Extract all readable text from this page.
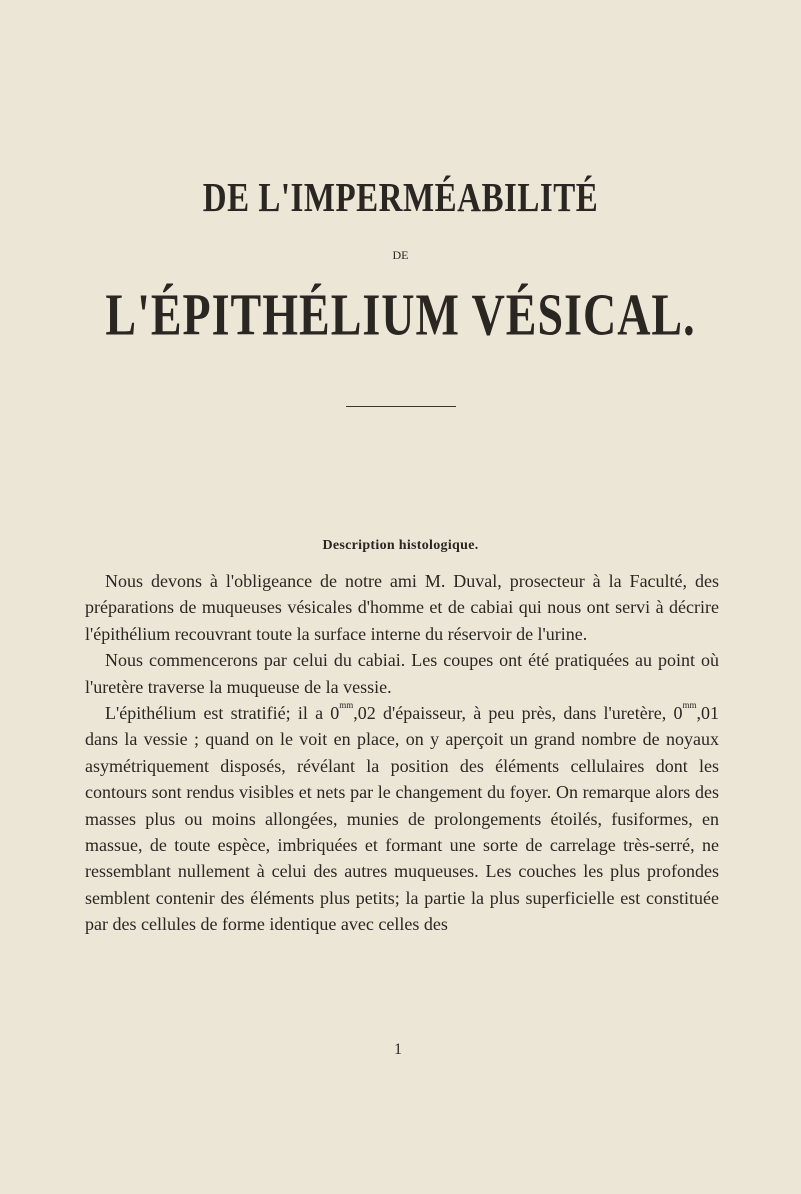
DE L'IMPERMÉABILITÉ
DE
L'ÉPITHÉLIUM VÉSICAL.
Description histologique.

Nous devons à l'obligeance de notre ami M. Duval, prosecteur à la Faculté, des préparations de muqueuses vésicales d'homme et de cabiai qui nous ont servi à décrire l'épithélium recouvrant toute la surface interne du réservoir de l'urine.

Nous commencerons par celui du cabiai. Les coupes ont été pratiquées au point où l'uretère traverse la muqueuse de la vessie.

L'épithélium est stratifié; il a $0^{mm},02$ d'épaisseur, à peu près, dans l'uretère, $0^{mm},01$ dans la vessie ; quand on le voit en place, on y aperçoit un grand nombre de noyaux asymétriquement disposés, révélant la position des éléments cellulaires dont les contours sont rendus visibles et nets par le changement du foyer. On remarque alors des masses plus ou moins allongées, munies de prolongements étoilés, fusiformes, en massue, de toute espèce, imbriquées et formant une sorte de carrelage très-serré, ne ressemblant nullement à celui des autres muqueuses. Les couches les plus profondes semblent contenir des éléments plus petits; la partie la plus superficielle est constituée par des cellules de forme identique avec celles des

1
